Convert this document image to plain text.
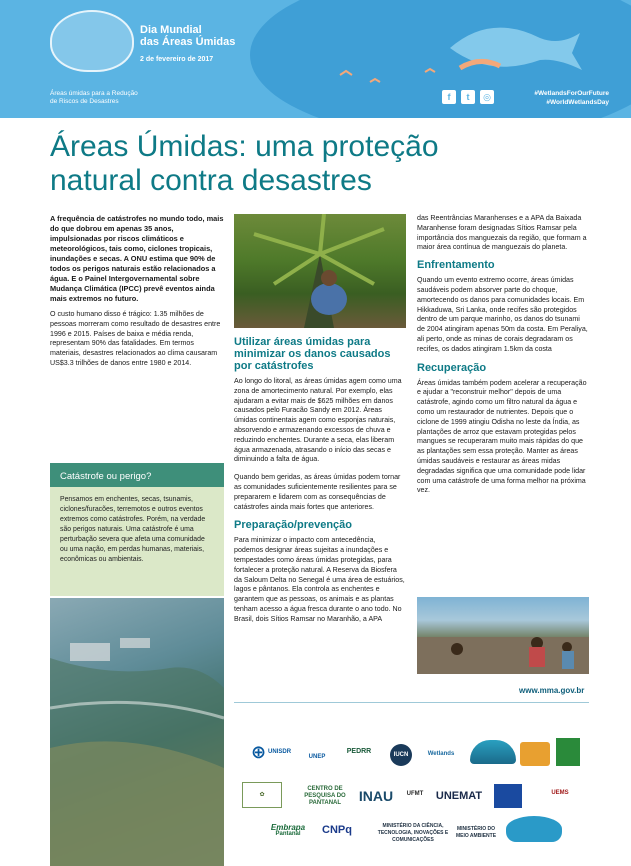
Dia Mundial
das Áreas Úmidas
2 de fevereiro de 2017
Áreas úmidas para a Redução
de Riscos de Desastres	f	t	◎	#WetlandsForOurFuture
#WorldWetlandsDay
Áreas Úmidas: uma proteção
natural contra desastres

A frequência de catástrofes no mundo todo, mais do que dobrou em apenas 35 anos, impulsionadas por riscos climáticos e meteorológicos, tais como, ciclones tropicais, inundações e secas. A ONU estima que 90% de todos os perigos naturais estão relacionados a água. E o Painel Intergovernamental sobre Mudança Climática (IPCC) prevê eventos ainda mais extremos no futuro.

O custo humano disso é trágico: 1.35 milhões de pessoas morreram como resultado de desastres entre 1996 e 2015. Países de baixa e média renda, representam 90% das fatalidades. Em termos materiais, desastres relacionados ao clima causaram US$3.3 trilhões de danos entre 1980 e 2014.

Catástrofe ou perigo?
Pensamos em enchentes, secas, tsunamis, ciclones/furacões, terremotos e outros eventos extremos como catástrofes. Porém, na verdade são perigos naturais. Uma catástrofe é uma perturbação severa que afeta uma comunidade ou uma nação, em perdas humanas, materiais, econômicas ou ambientais.
Utilizar áreas úmidas para minimizar os danos causados por catástrofes

Ao longo do litoral, as áreas úmidas agem como uma zona de amortecimento natural. Por exemplo, elas ajudaram a evitar mais de $625 milhões em danos causados pelo Furacão Sandy em 2012. Áreas úmidas continentais agem como esponjas naturais, absorvendo e armazenando excessos de chuva e reduzindo enchentes. Durante a seca, elas liberam água armazenada, atrasando o início das secas e diminuindo a falta de água.

Quando bem geridas, as áreas úmidas podem tornar as comunidades suficientemente resilientes para se prepararem e lidarem com as consequências de catástrofes ainda mais fortes que anteriores.

Preparação/prevenção

Para minimizar o impacto com antecedência, podemos designar áreas sujeitas a inundações e tempestades como áreas úmidas protegidas, para fortalecer a proteção natural. A Reserva da Biosfera da Saloum Delta no Senegal é uma área de estuários, lagos e pântanos. Ela controla as enchentes e garantem que as pessoas, os animais e as plantas tenham acesso a água fresca durante o ano todo. No Brasil, dois Sítios Ramsar no Maranhão, a APA

das Reentrâncias Maranhenses e a APA da Baixada Maranhense foram designadas Sítios Ramsar pela importância dos manguezais da região, que formam a maior área contínua de manguezais do planeta.

Enfrentamento

Quando um evento extremo ocorre, áreas úmidas saudáveis podem absorver parte do choque, amortecendo os danos para comunidades locais. Em Hikkaduwa, Sri Lanka, onde recifes são protegidos dentro de um parque marinho, os danos do tsunami de 2004 atingiram apenas 50m da costa. Em Peraliya, ali perto, onde as minas de corais degradaram os recifes, os dados atingiram 1.5km da costa

Recuperação

Áreas úmidas também podem acelerar a recuperação e ajudar a "reconstruir melhor" depois de uma catástrofe, agindo como um filtro natural da água e como um restaurador de nutrientes. Depois que o ciclone de 1999 atingiu Odisha no leste da Índia, as plantações de arroz que estavam protegidas pelos mangues se recuperaram muito mais rápidas do que as plantações sem essa proteção. Manter as áreas úmidas saudáveis e restaurar as áreas midas degradadas significa que uma comunidade pode lidar com uma catástrofe de uma forma melhor na próxima vez.

www.mma.gov.br
⊕ UNISDR
UNEP
PEDRR	IUCN	Wetlands
✿
CENTRO DE PESQUISA DO PANTANAL	INAU UFMT UNEMAT	UEMS
Embrapa
Pantanal CNPq	MINISTÉRIO DA CIÊNCIA, TECNOLOGIA, INOVAÇÕES E COMUNICAÇÕES
MINISTÉRIO DO MEIO AMBIENTE
